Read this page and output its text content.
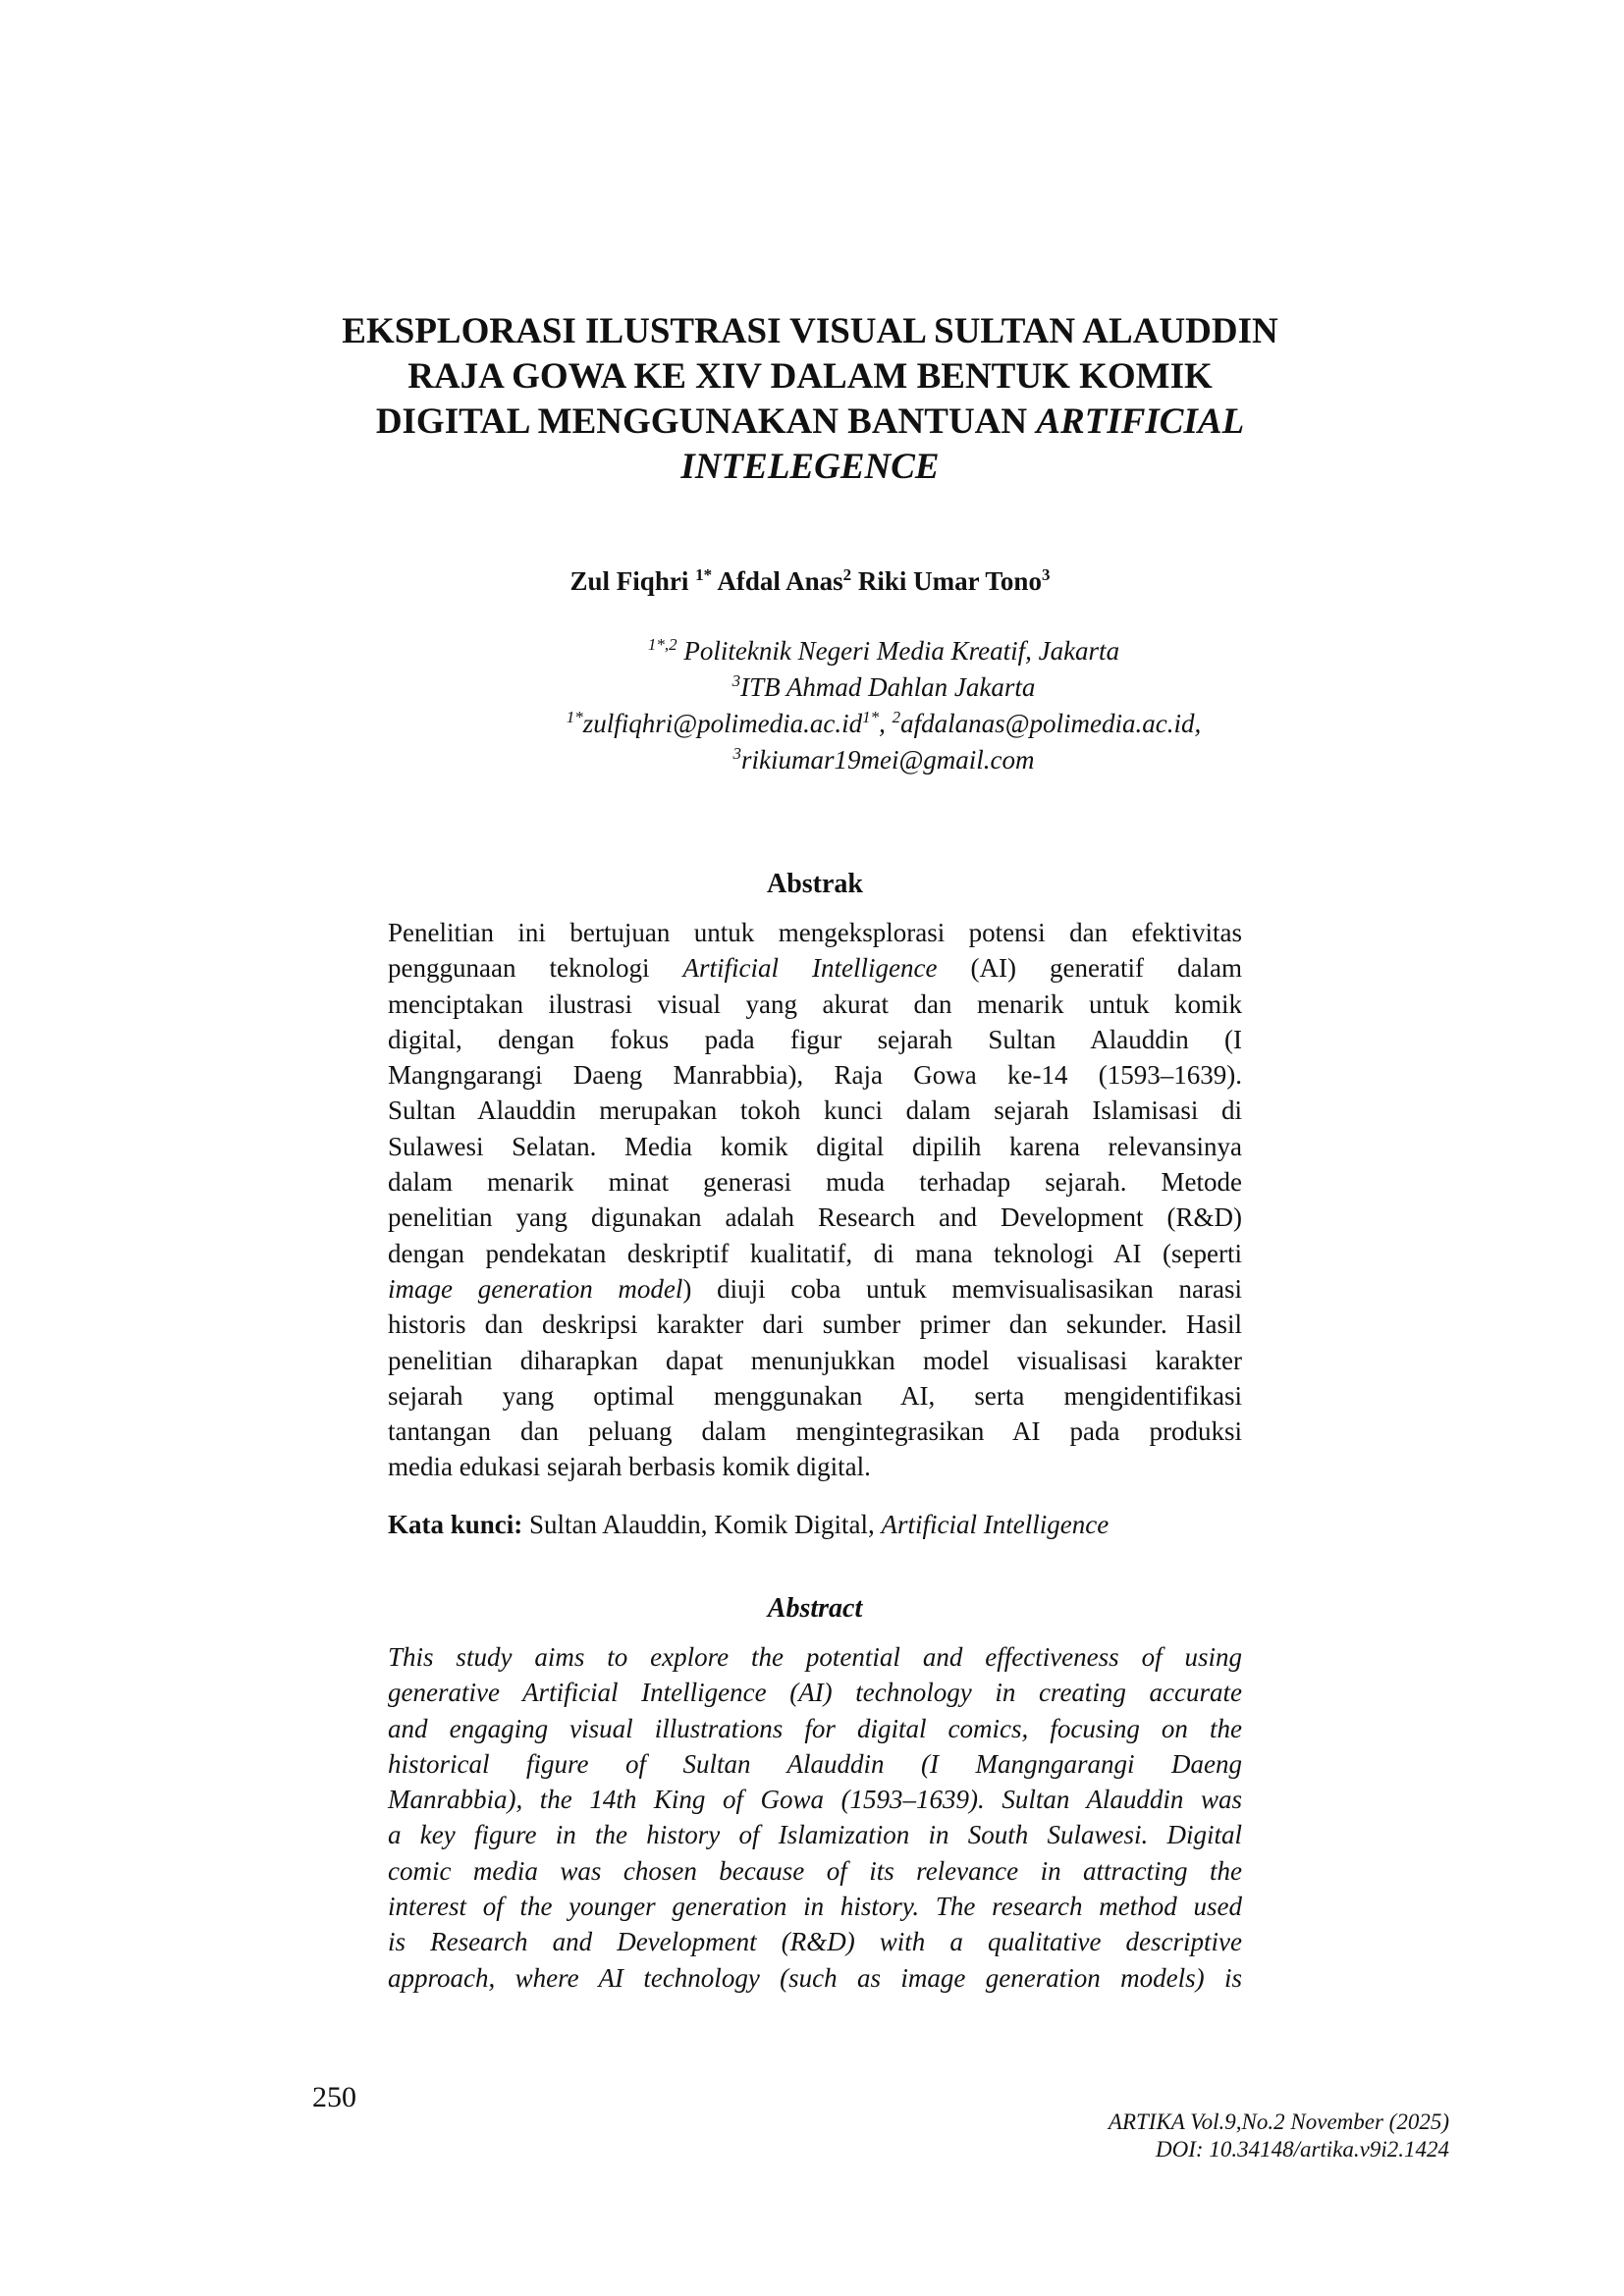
EKSPLORASI ILUSTRASI VISUAL SULTAN ALAUDDIN
RAJA GOWA KE XIV DALAM BENTUK KOMIK
DIGITAL MENGGUNAKAN BANTUAN ARTIFICIAL
INTELEGENCE
Zul Fiqhri $^{1*}$ Afdal Anas$^2$ Riki Umar Tono$^3$
$^{1*,2}$ Politeknik Negeri Media Kreatif, Jakarta
$^3$ITB Ahmad Dahlan Jakarta
$^{1*}zulfiqhri@polimedia.ac.id^{1*}$, $^2$afdalanas@polimedia.ac.id,
$^3$rikiumar19mei@gmail.com
Abstrak
Penelitian ini bertujuan untuk mengeksplorasi potensi dan efektivitas
penggunaan teknologi Artificial Intelligence (AI) generatif dalam
menciptakan ilustrasi visual yang akurat dan menarik untuk komik
digital, dengan fokus pada figur sejarah Sultan Alauddin (I
Mangngarangi Daeng Manrabbia), Raja Gowa ke-14 (1593–1639).
Sultan Alauddin merupakan tokoh kunci dalam sejarah Islamisasi di
Sulawesi Selatan. Media komik digital dipilih karena relevansinya
dalam menarik minat generasi muda terhadap sejarah. Metode
penelitian yang digunakan adalah Research and Development (R&D)
dengan pendekatan deskriptif kualitatif, di mana teknologi AI (seperti
image generation model) diuji coba untuk memvisualisasikan narasi
historis dan deskripsi karakter dari sumber primer dan sekunder. Hasil
penelitian diharapkan dapat menunjukkan model visualisasi karakter
sejarah yang optimal menggunakan AI, serta mengidentifikasi
tantangan dan peluang dalam mengintegrasikan AI pada produksi
media edukasi sejarah berbasis komik digital.
Kata kunci: Sultan Alauddin, Komik Digital, Artificial Intelligence
Abstract
This study aims to explore the potential and effectiveness of using
generative Artificial Intelligence (AI) technology in creating accurate
and engaging visual illustrations for digital comics, focusing on the
historical figure of Sultan Alauddin (I Mangngarangi Daeng
Manrabbia), the 14th King of Gowa (1593–1639). Sultan Alauddin was
a key figure in the history of Islamization in South Sulawesi. Digital
comic media was chosen because of its relevance in attracting the
interest of the younger generation in history. The research method used
is Research and Development (R&D) with a qualitative descriptive
approach, where AI technology (such as image generation models) is
250
ARTIKA Vol.9,No.2 November (2025)
DOI: 10.34148/artika.v9i2.1424
